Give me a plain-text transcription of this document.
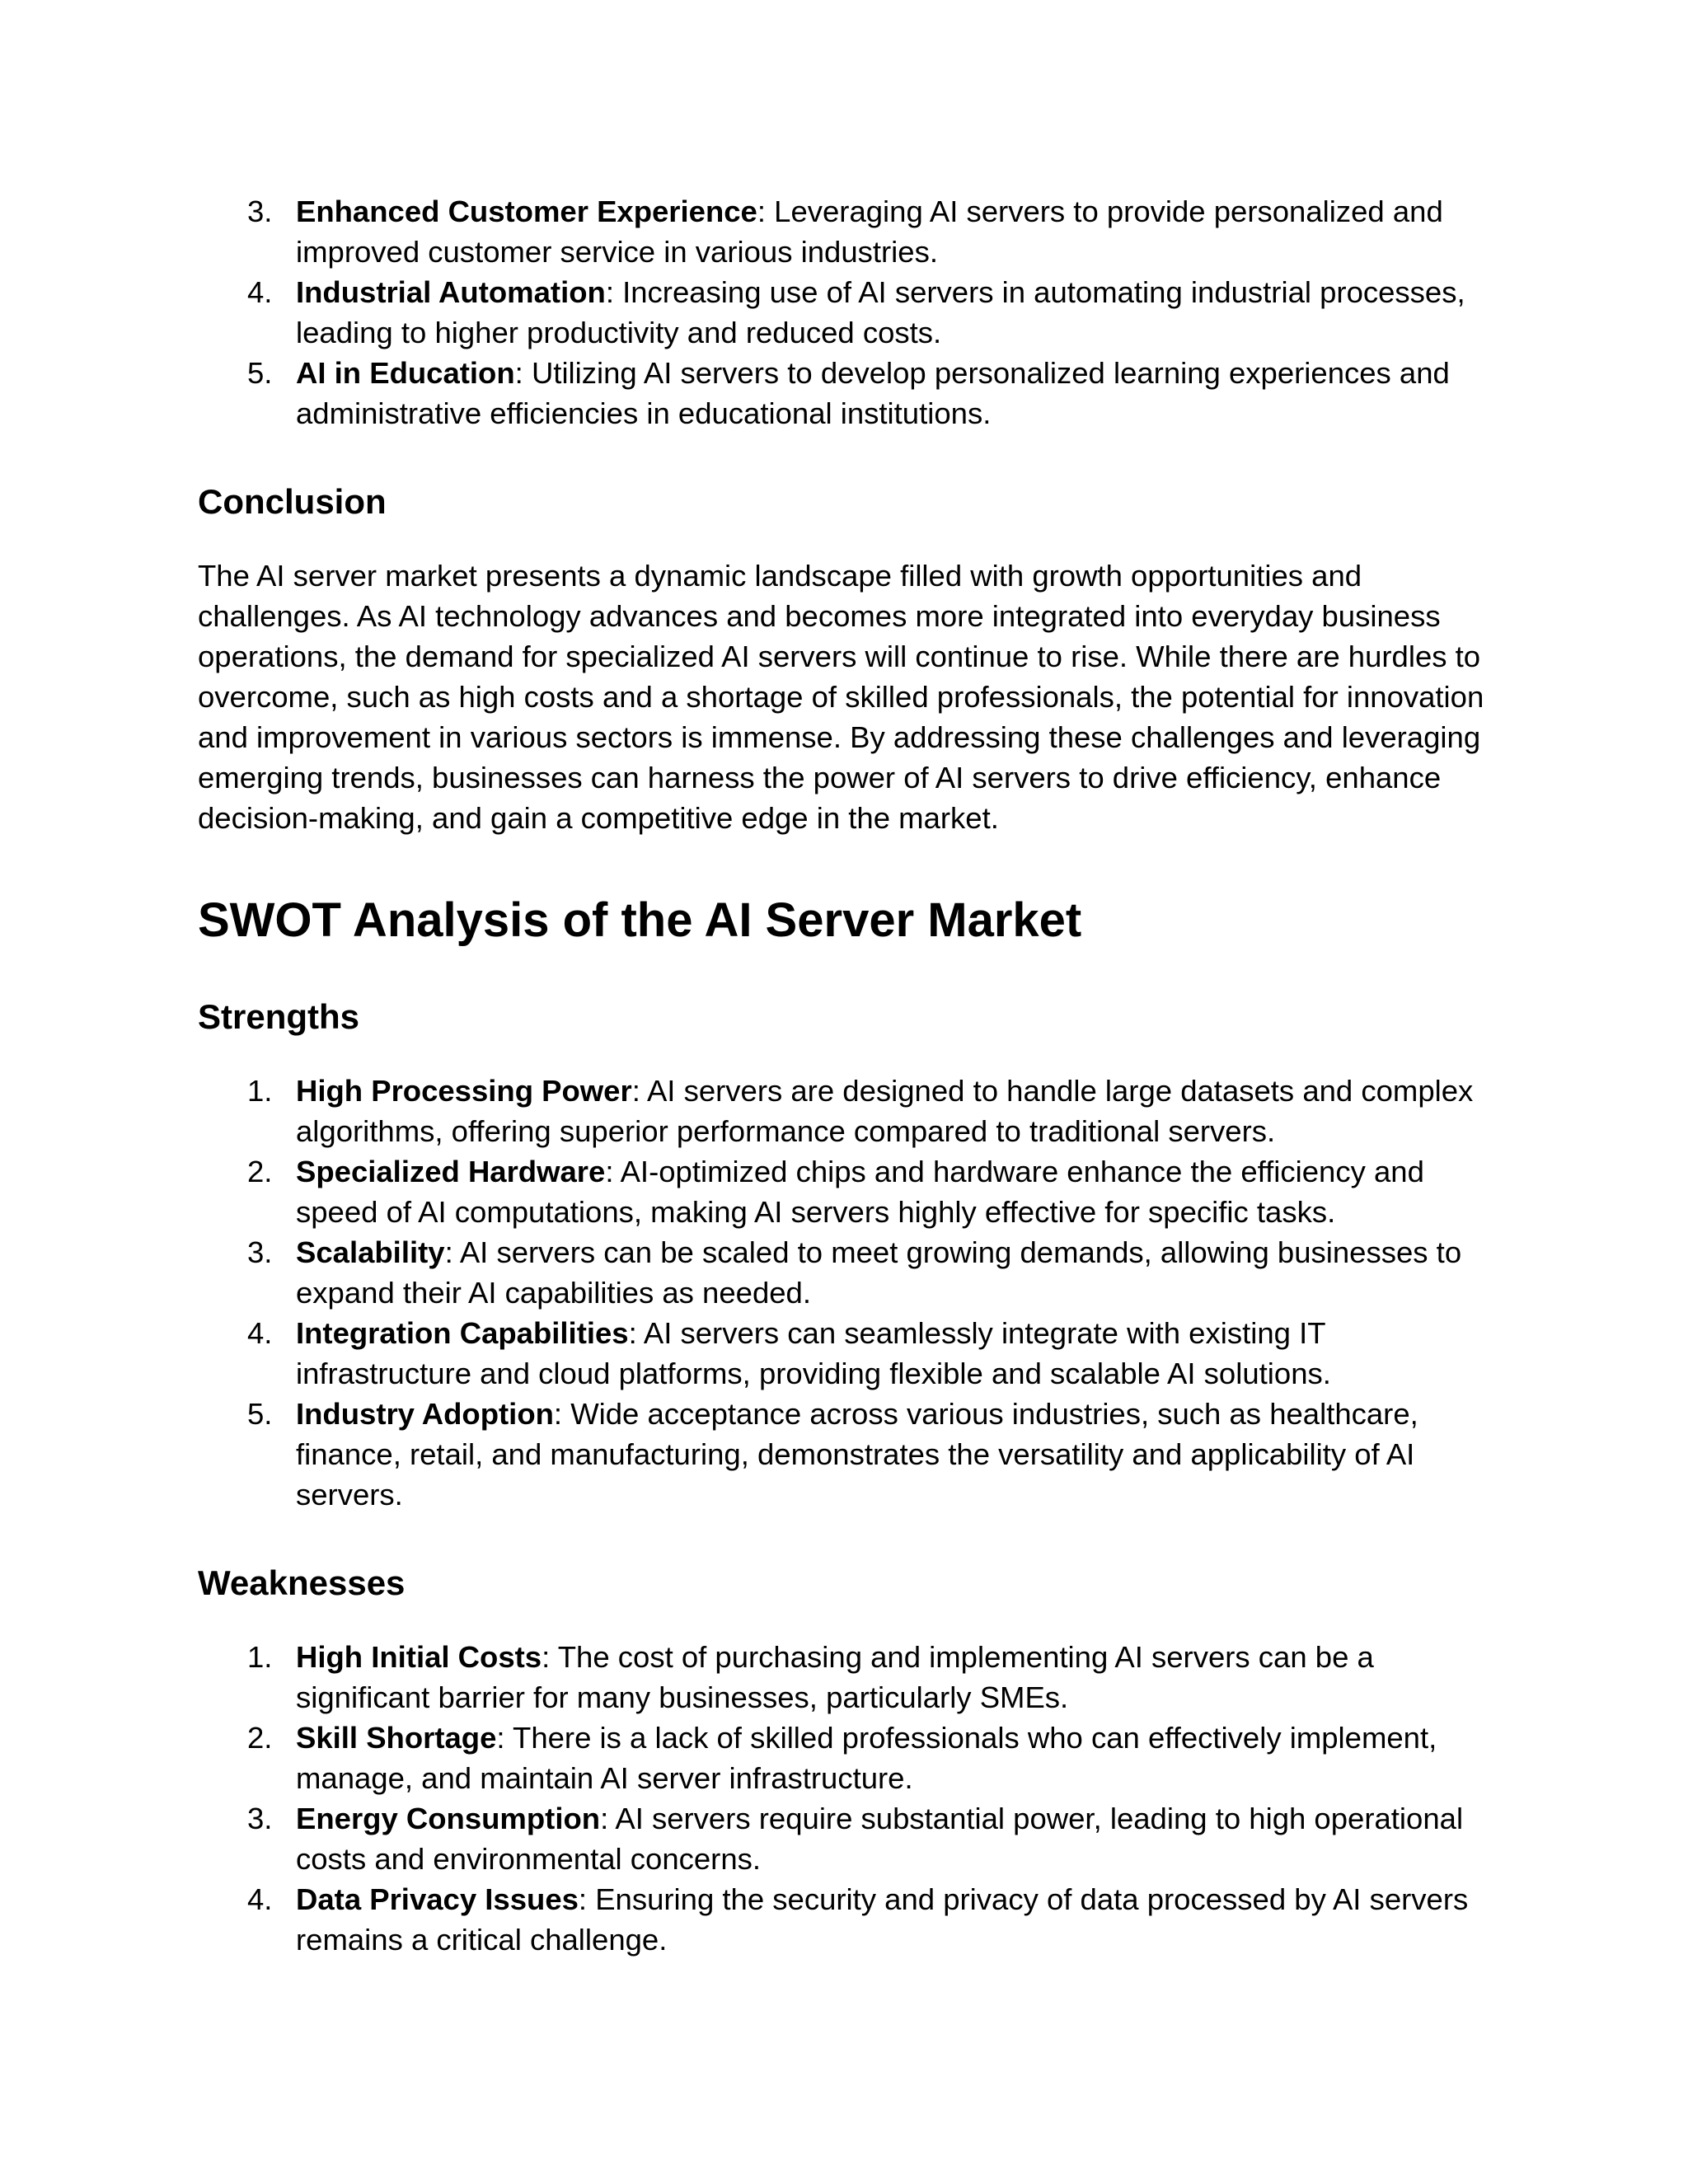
3. Enhanced Customer Experience: Leveraging AI servers to provide personalized and improved customer service in various industries.
4. Industrial Automation: Increasing use of AI servers in automating industrial processes, leading to higher productivity and reduced costs.
5. AI in Education: Utilizing AI servers to develop personalized learning experiences and administrative efficiencies in educational institutions.
Conclusion

The AI server market presents a dynamic landscape filled with growth opportunities and challenges. As AI technology advances and becomes more integrated into everyday business operations, the demand for specialized AI servers will continue to rise. While there are hurdles to overcome, such as high costs and a shortage of skilled professionals, the potential for innovation and improvement in various sectors is immense. By addressing these challenges and leveraging emerging trends, businesses can harness the power of AI servers to drive efficiency, enhance decision-making, and gain a competitive edge in the market.

SWOT Analysis of the AI Server Market
Strengths
1. High Processing Power: AI servers are designed to handle large datasets and complex algorithms, offering superior performance compared to traditional servers.
2. Specialized Hardware: AI-optimized chips and hardware enhance the efficiency and speed of AI computations, making AI servers highly effective for specific tasks.
3. Scalability: AI servers can be scaled to meet growing demands, allowing businesses to expand their AI capabilities as needed.
4. Integration Capabilities: AI servers can seamlessly integrate with existing IT infrastructure and cloud platforms, providing flexible and scalable AI solutions.
5. Industry Adoption: Wide acceptance across various industries, such as healthcare, finance, retail, and manufacturing, demonstrates the versatility and applicability of AI servers.
Weaknesses
1. High Initial Costs: The cost of purchasing and implementing AI servers can be a significant barrier for many businesses, particularly SMEs.
2. Skill Shortage: There is a lack of skilled professionals who can effectively implement, manage, and maintain AI server infrastructure.
3. Energy Consumption: AI servers require substantial power, leading to high operational costs and environmental concerns.
4. Data Privacy Issues: Ensuring the security and privacy of data processed by AI servers remains a critical challenge.
